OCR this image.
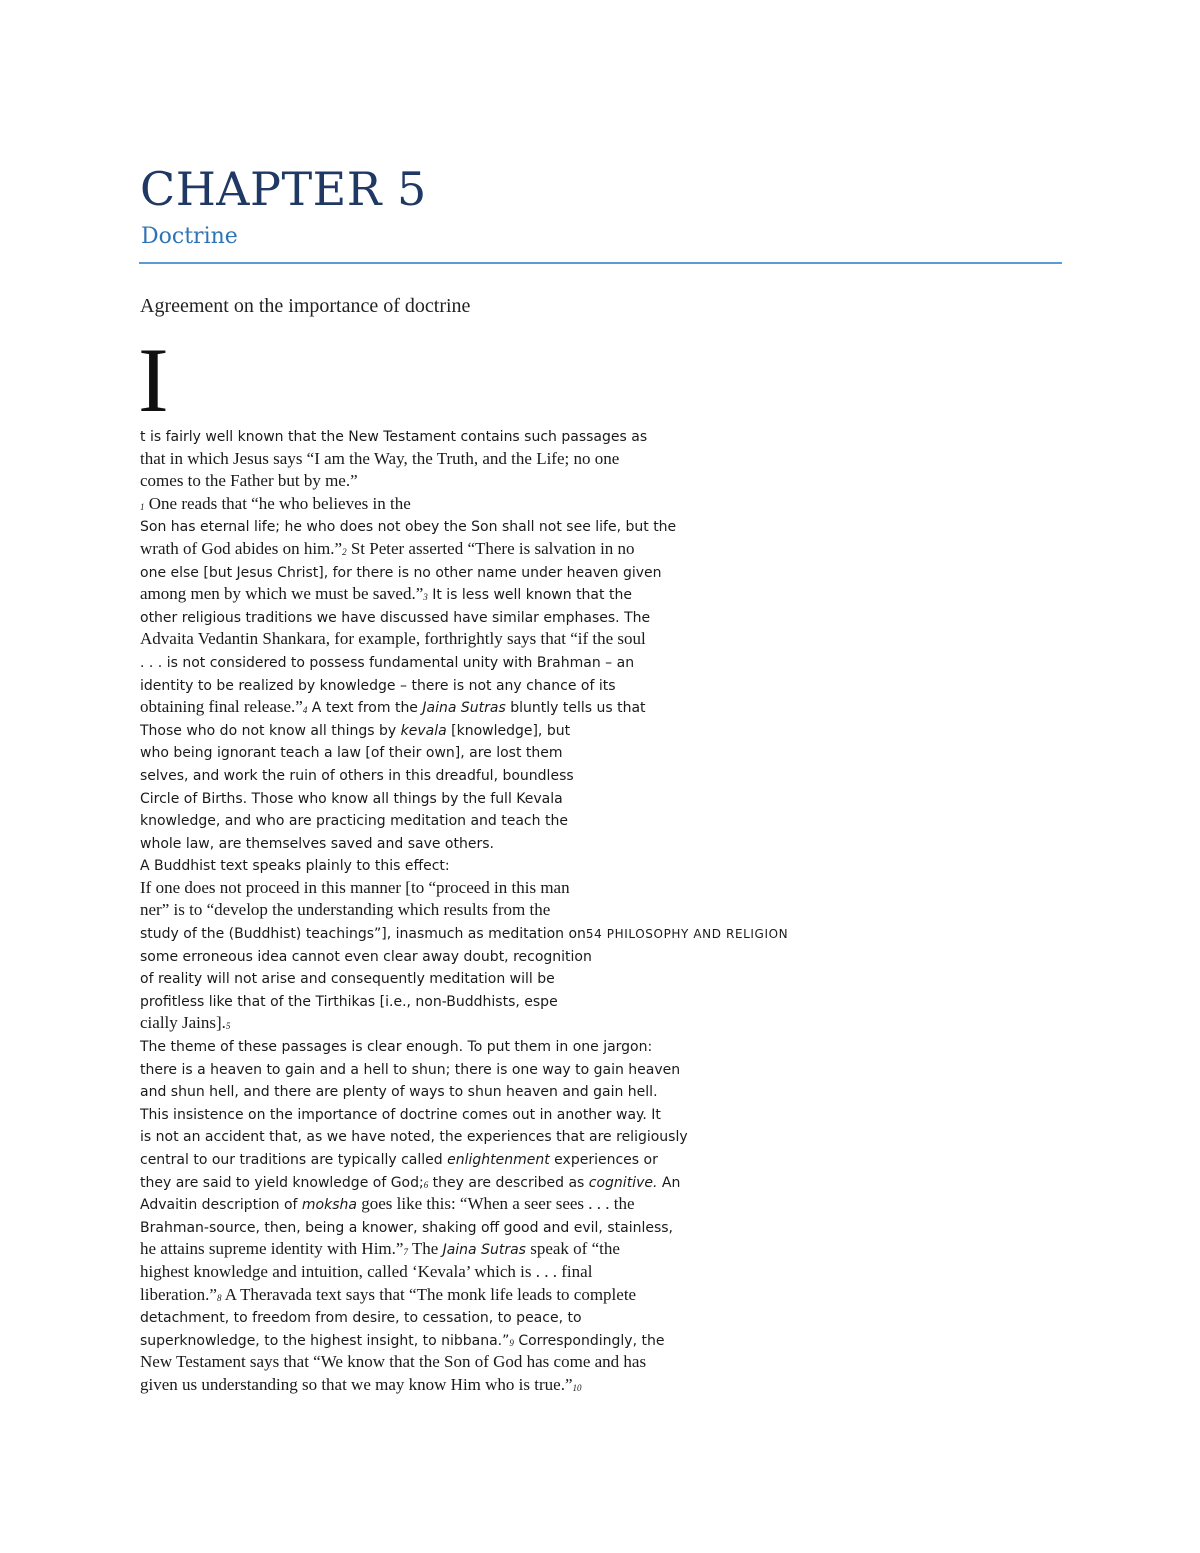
CHAPTER 5
Doctrine
Agreement on the importance of doctrine
I
t is fairly well known that the New Testament contains such passages as
that in which Jesus says “I am the Way, the Truth, and the Life; no one
comes to the Father but by me.”
1 One reads that “he who believes in the
Son has eternal life; he who does not obey the Son shall not see life, but the
wrath of God abides on him.”2 St Peter asserted “There is salvation in no
one else [but Jesus Christ], for there is no other name under heaven given
among men by which we must be saved.”3 It is less well known that the
other religious traditions we have discussed have similar emphases. The
Advaita Vedantin Shankara, for example, forthrightly says that “if the soul
. . . is not considered to possess fundamental unity with Brahman – an
identity to be realized by knowledge – there is not any chance of its
obtaining final release.”4 A text from the Jaina Sutras bluntly tells us that
Those who do not know all things by kevala [knowledge], but
who being ignorant teach a law [of their own], are lost them
selves, and work the ruin of others in this dreadful, boundless
Circle of Births. Those who know all things by the full Kevala
knowledge, and who are practicing meditation and teach the
whole law, are themselves saved and save others.
A Buddhist text speaks plainly to this effect:
If one does not proceed in this manner [to “proceed in this man
ner” is to “develop the understanding which results from the
study of the (Buddhist) teachings”], inasmuch as meditation on54 PHILOSOPHY AND RELIGION
some erroneous idea cannot even clear away doubt, recognition
of reality will not arise and consequently meditation will be
profitless like that of the Tirthikas [i.e., non-Buddhists, espe
cially Jains].5
The theme of these passages is clear enough. To put them in one jargon:
there is a heaven to gain and a hell to shun; there is one way to gain heaven
and shun hell, and there are plenty of ways to shun heaven and gain hell.
This insistence on the importance of doctrine comes out in another way. It
is not an accident that, as we have noted, the experiences that are religiously
central to our traditions are typically called enlightenment experiences or
they are said to yield knowledge of God;6 they are described as cognitive. An
Advaitin description of moksha goes like this: “When a seer sees . . . the
Brahman-source, then, being a knower, shaking off good and evil, stainless,
he attains supreme identity with Him.”7 The Jaina Sutras speak of “the
highest knowledge and intuition, called ‘Kevala’ which is . . . final
liberation.”8 A Theravada text says that “The monk life leads to complete
detachment, to freedom from desire, to cessation, to peace, to
superknowledge, to the highest insight, to nibbana.”9 Correspondingly, the
New Testament says that “We know that the Son of God has come and has
given us understanding so that we may know Him who is true.”10
